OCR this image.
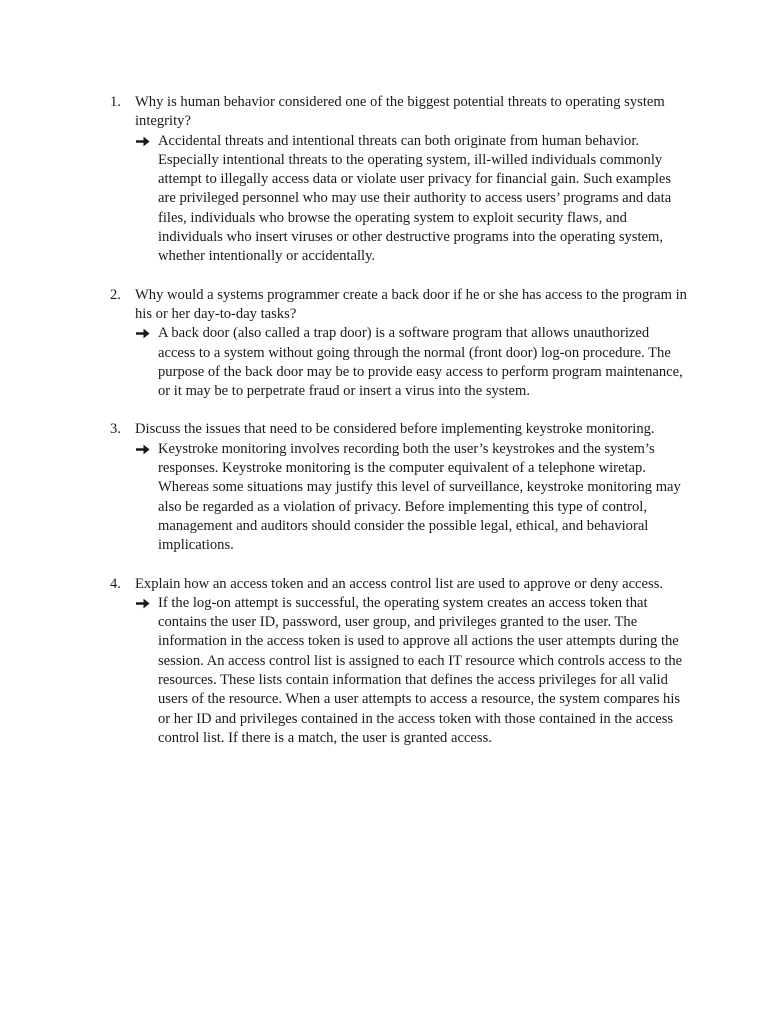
1. Why is human behavior considered one of the biggest potential threats to operating system integrity?
Accidental threats and intentional threats can both originate from human behavior. Especially intentional threats to the operating system, ill-willed individuals commonly attempt to illegally access data or violate user privacy for financial gain. Such examples are privileged personnel who may use their authority to access users’ programs and data files, individuals who browse the operating system to exploit security flaws, and individuals who insert viruses or other destructive programs into the operating system, whether intentionally or accidentally.
2. Why would a systems programmer create a back door if he or she has access to the program in his or her day-to-day tasks?
A back door (also called a trap door) is a software program that allows unauthorized access to a system without going through the normal (front door) log-on procedure. The purpose of the back door may be to provide easy access to perform program maintenance, or it may be to perpetrate fraud or insert a virus into the system.
3. Discuss the issues that need to be considered before implementing keystroke monitoring.
Keystroke monitoring involves recording both the user’s keystrokes and the system’s responses. Keystroke monitoring is the computer equivalent of a telephone wiretap. Whereas some situations may justify this level of surveillance, keystroke monitoring may also be regarded as a violation of privacy. Before implementing this type of control, management and auditors should consider the possible legal, ethical, and behavioral implications.
4. Explain how an access token and an access control list are used to approve or deny access.
If the log-on attempt is successful, the operating system creates an access token that contains the user ID, password, user group, and privileges granted to the user. The information in the access token is used to approve all actions the user attempts during the session. An access control list is assigned to each IT resource which controls access to the resources. These lists contain information that defines the access privileges for all valid users of the resource. When a user attempts to access a resource, the system compares his or her ID and privileges contained in the access token with those contained in the access control list. If there is a match, the user is granted access.
